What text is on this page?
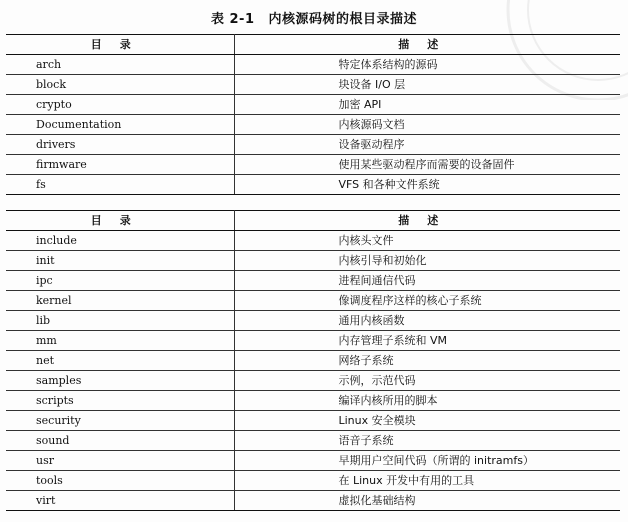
表 2-1 内核源码树的根目录描述
目录	描述
arch	特定体系结构的源码
block	块设备 I/O 层
crypto	加密 API
Documentation	内核源码文档
drivers	设备驱动程序
firmware	使用某些驱动程序而需要的设备固件
fs	VFS 和各种文件系统
目录	描述
include	内核头文件
init	内核引导和初始化
ipc	进程间通信代码
kernel	像调度程序这样的核心子系统
lib	通用内核函数
mm	内存管理子系统和 VM
net	网络子系统
samples	示例，示范代码
scripts	编译内核所用的脚本
security	Linux 安全模块
sound	语音子系统
usr	早期用户空间代码（所谓的 initramfs）
tools	在 Linux 开发中有用的工具
virt	虚拟化基础结构
